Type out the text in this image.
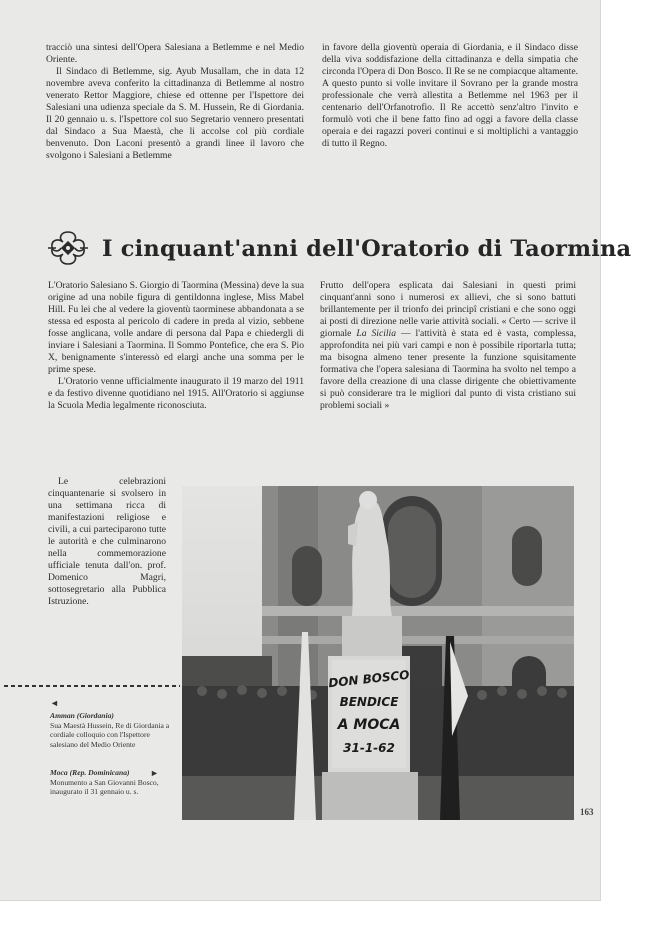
tracciò una sintesi dell'Opera Salesiana a Betlemme e nel Medio Oriente.

Il Sindaco di Betlemme, sig. Ayub Musallam, che in data 12 novembre aveva conferito la cittadinanza di Betlemme al nostro venerato Rettor Maggiore, chiese ed ottenne per l'Ispettore dei Salesiani una udienza speciale da S. M. Hussein, Re di Giordania. Il 20 gennaio u. s. l'Ispettore col suo Segretario vennero presentati dal Sindaco a Sua Maestà, che li accolse col più cordiale benvenuto. Don Laconi presentò a grandi linee il lavoro che svolgono i Salesiani a Betlemme

in favore della gioventù operaia di Giordania, e il Sindaco disse della viva soddisfazione della cittadinanza e della simpatia che circonda l'Opera di Don Bosco. Il Re se ne compiacque altamente. A questo punto si volle invitare il Sovrano per la grande mostra professionale che verrà allestita a Betlemme nel 1963 per il centenario dell'Orfanotrofio. Il Re accettò senz'altro l'invito e formulò voti che il bene fatto fino ad oggi a favore della classe operaia e dei ragazzi poveri continui e si moltiplichi a vantaggio di tutto il Regno.

I cinquant'anni dell'Oratorio di Taormina

L'Oratorio Salesiano S. Giorgio di Taormina (Messina) deve la sua origine ad una nobile figura di gentildonna inglese, Miss Mabel Hill. Fu lei che al vedere la gioventù taorminese abbandonata a se stessa ed esposta al pericolo di cadere in preda al vizio, sebbene fosse anglicana, volle andare di persona dal Papa e chiedergli di inviare i Salesiani a Taormina. Il Sommo Pontefice, che era S. Pio X, benignamente s'interessò ed elargì anche una somma per le prime spese.

L'Oratorio venne ufficialmente inaugurato il 19 marzo del 1911 e da festivo divenne quotidiano nel 1915. All'Oratorio si aggiunse la Scuola Media legalmente riconosciuta.

Le celebrazioni cinquantenarie si svolsero in una settimana ricca di manifestazioni religiose e civili, a cui parteciparono tutte le autorità e che culminarono nella commemorazione ufficiale tenuta dall'on. prof. Domenico Magri, sottosegretario alla Pubblica Istruzione.

Frutto dell'opera esplicata dai Salesiani in questi primi cinquant'anni sono i numerosi ex allievi, che si sono battuti brillantemente per il trionfo dei principî cristiani e che sono oggi ai posti di direzione nelle varie attività sociali. « Certo — scrive il giornale La Sicilia — l'attività è stata ed è vasta, complessa, approfondita nei più vari campi e non è possibile riportarla tutta; ma bisogna almeno tener presente la funzione squisitamente formativa che l'opera salesiana di Taormina ha svolto nel tempo a favore della creazione di una classe dirigente che obiettivamente si può considerare tra le migliori dal punto di vista cristiano sui problemi sociali »

◄
Amman (Giordania)
Sua Maestà Hussein, Re di Giordania a cordiale colloquio con l'Ispettore salesiano del Medio Oriente
Moca (Rep. Dominicana)
Monumento a San Giovanni Bosco, inaugurato il 31 gennaio u. s.
►
DON BOSCO
BENDICE
A MOCA
31-1-62
163
